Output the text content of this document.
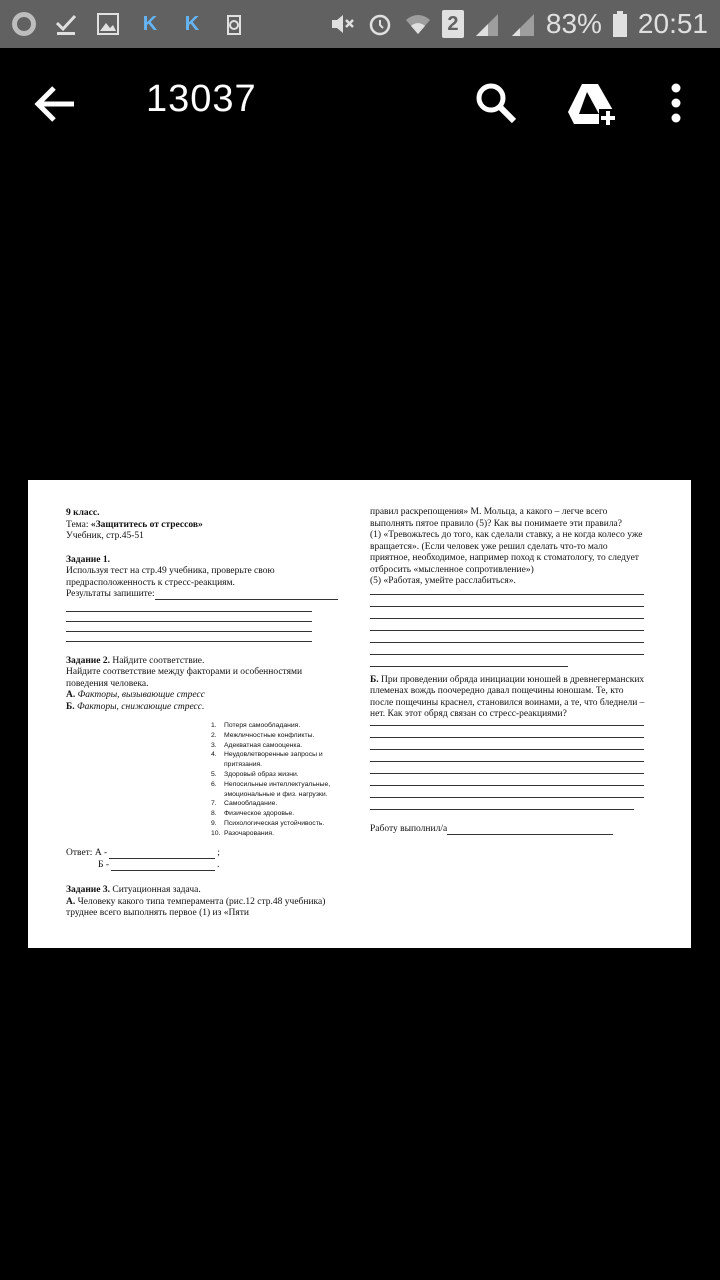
K	K	2	83% 20:51
13037

9 класс.

Тема: «Защититесь от стрессов»

Учебник, стр.45-51

Задание 1.

Используя тест на стр.49 учебника, проверьте свою предрасположенность к стресс-реакциям.

Результаты запишите:

Задание 2. Найдите соответствие.

Найдите соответствие между факторами и особенностями поведения человека.

А. Факторы, вызывающие стресс

Б. Факторы, снижающие стресс.

1.	Потеря самообладания.
2.	Межличностные конфликты.
3.	Адекватная самооценка.
4.	Неудовлетворенные запросы и притязания.
5.	Здоровый образ жизни.
6.	Непосильные интеллектуальные, эмоциональные и физ. нагрузки.
7.	Самообладание.
8.	Физическое здоровье.
9.	Психологическая устойчивость.
10. Разочарования.

Ответ: А -	;

Б -	.

Задание 3. Ситуационная задача.

А. Человеку какого типа темперамента (рис.12 стр.48 учебника) труднее всего выполнять первое (1) из «Пяти

правил раскрепощения» М. Мольца, а какого – легче всего выполнять пятое правило (5)? Как вы понимаете эти правила?

(1) «Тревожьтесь до того, как сделали ставку, а не когда колесо уже вращается». (Если человек уже решил сделать что-то мало приятное, необходимое, например поход к стоматологу, то следует отбросить «мысленное сопротивление»)

(5) «Работая, умейте расслабиться».

Б. При проведении обряда инициации юношей в древнегерманских племенах вождь поочередно давал пощечины юношам. Те, кто после пощечины краснел, становился воинами, а те, что бледнели – нет. Как этот обряд связан со стресс-реакциями?

Работу выполнил/а
